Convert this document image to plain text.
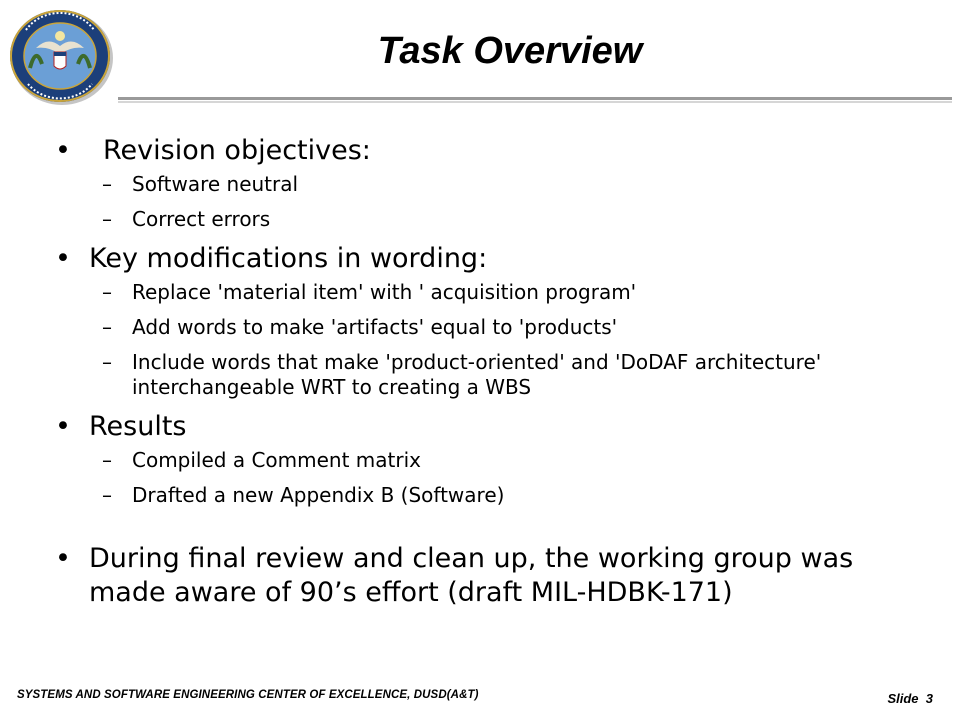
Task Overview
• Revision objectives:
– Software neutral
– Correct errors
• Key modifications in wording:
– Replace 'material item' with ' acquisition program'
– Add words to make 'artifacts' equal to 'products'
– Include words that make 'product-oriented' and 'DoDAF architecture' interchangeable WRT to creating a WBS
• Results
– Compiled a Comment matrix
– Drafted a new Appendix B (Software)
• During final review and clean up, the working group was made aware of 90’s effort (draft MIL-HDBK-171)
SYSTEMS AND SOFTWARE ENGINEERING CENTER OF EXCELLENCE, DUSD(A&T)	Slide 3
